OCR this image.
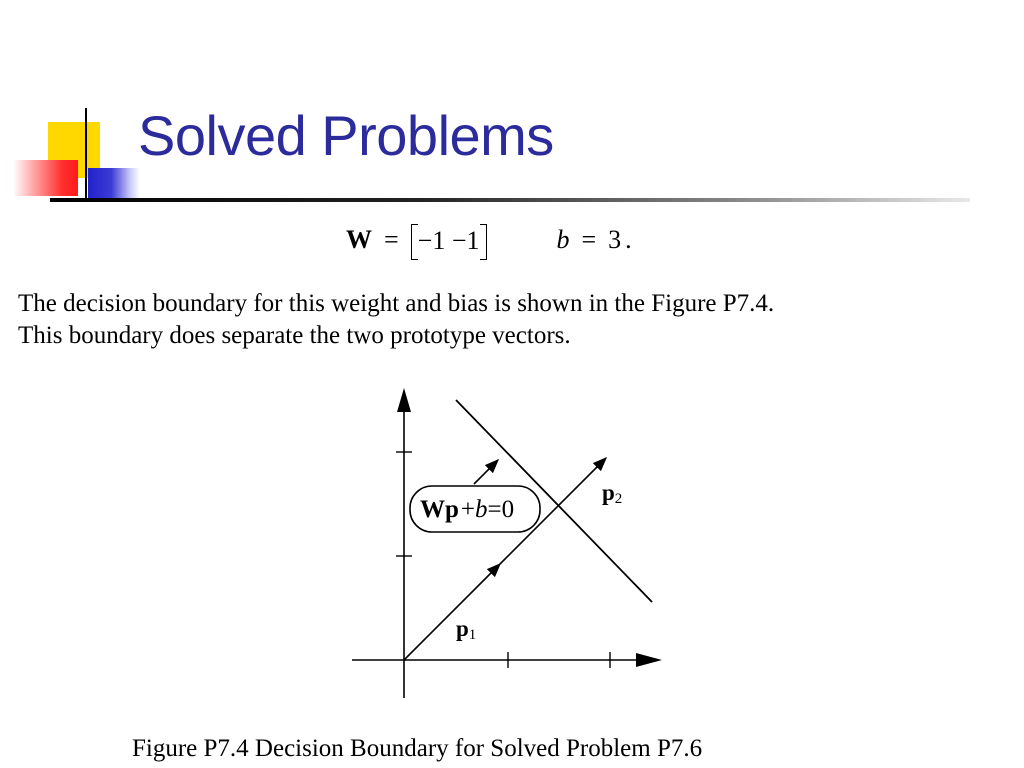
Solved Problems
W = −1 −1	b = 3 .

The decision boundary for this weight and bias is shown in the Figure P7.4.
This boundary does separate the two prototype vectors.

Wp+b=0
p2
p1

Figure P7.4 Decision Boundary for Solved Problem P7.6
